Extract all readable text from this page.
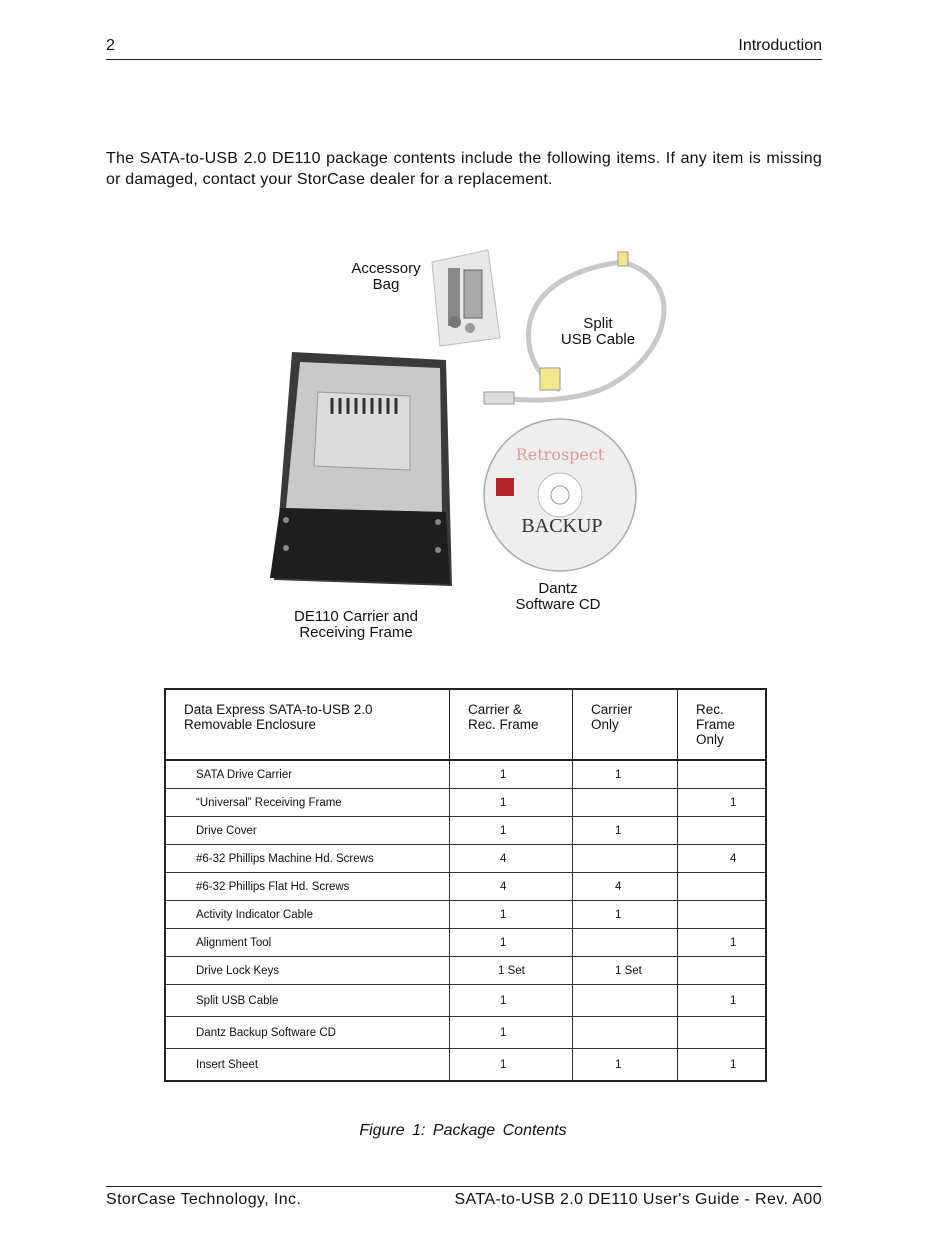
2	Introduction

The SATA-to-USB 2.0 DE110 package contents include the following items. If any item is missing or damaged, contact your StorCase dealer for a replacement.

Retrospect
BACKUP
Accessory
Bag
Split
USB Cable
Dantz
Software CD
DE110 Carrier and
Receiving Frame
Data Express SATA-to-USB 2.0
Removable Enclosure	Carrier &
Rec. Frame	Carrier
Only	Rec. Frame
Only
SATA Drive Carrier	1	1	
“Universal” Receiving Frame	1		1
Drive Cover	1	1	
#6-32 Phillips Machine Hd. Screws	4		4
#6-32 Phillips Flat Hd. Screws	4	4	
Activity Indicator Cable	1	1	
Alignment Tool	1		1
Drive Lock Keys	1 Set	1 Set	
Split USB Cable	1		1
Dantz Backup Software CD	1		
Insert Sheet	1	1	1
Figure 1: Package Contents
StorCase Technology, Inc.	SATA-to-USB 2.0 DE110 User's Guide - Rev. A00
